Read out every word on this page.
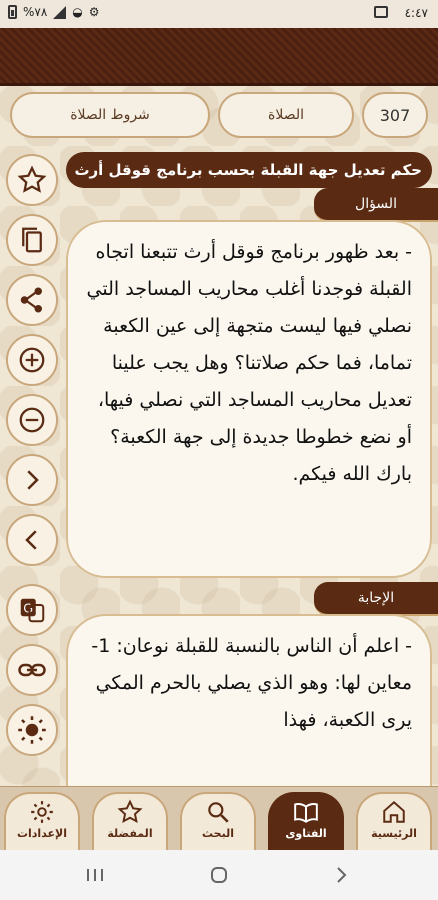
٤:٤٧
%٧٨ ◒ ⚙
307
الصلاة
شروط الصلاة
حكم تعديل جهة القبلة بحسب برنامج قوقل أرث
G
السؤال

- بعد ظهور برنامج قوقل أرث تتبعنا اتجاه القبلة فوجدنا أغلب محاريب المساجد التي نصلي فيها ليست متجهة إلى عين الكعبة تماما، فما حكم صلاتنا؟ وهل يجب علينا تعديل محاريب المساجد التي نصلي فيها، أو نضع خطوطا جديدة إلى جهة الكعبة؟ بارك الله فيكم.

الإجابة

- اعلم أن الناس بالنسبة للقبلة نوعان: 1- معاين لها: وهو الذي يصلي بالحرم المكي يرى الكعبة، فهذا

الرئيسية
الفتاوى
البحث
المفضلة
الإعدادات
